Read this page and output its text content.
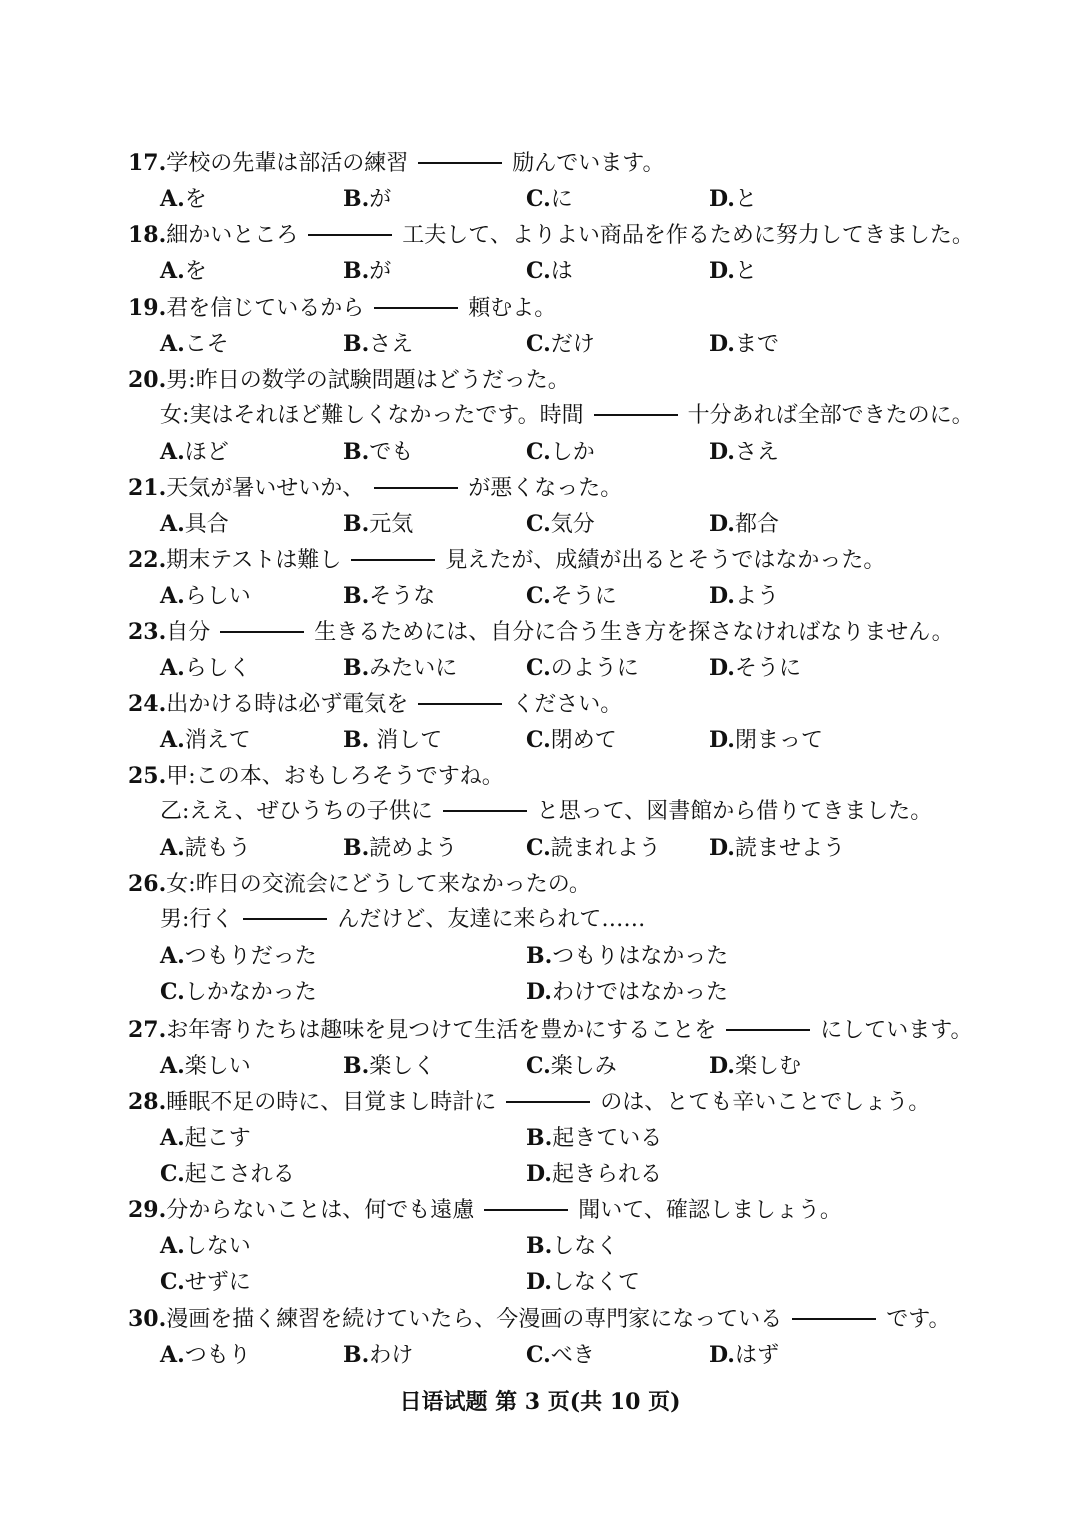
17.学校の先輩は部活の練習	励んでいます。
A.を	B.が	C.に	D.と
18.細かいところ	工夫して、よりよい商品を作るために努力してきました。
A.を	B.が	C.は	D.と
19.君を信じているから	頼むよ。
A.こそ	B.さえ	C.だけ	D.まで
20.男:昨日の数学の試験問題はどうだった。
女:実はそれほど難しくなかったです。時間	十分あれば全部できたのに。
A.ほど	B.でも	C.しか	D.さえ
21.天気が暑いせいか、	が悪くなった。
A.具合	B.元気	C.気分	D.都合
22.期末テストは難し	見えたが、成績が出るとそうではなかった。
A.らしい	B.そうな	C.そうに	D.よう
23.自分	生きるためには、自分に合う生き方を探さなければなりません。
A.らしく	B.みたいに	C.のように	D.そうに
24.出かける時は必ず電気を	ください。
A.消えて	B. 消して	C.閉めて	D.閉まって
25.甲:この本、おもしろそうですね。
乙:ええ、ぜひうちの子供に	と思って、図書館から借りてきました。
A.読もう	B.読めよう	C.読まれよう D.読ませよう
26.女:昨日の交流会にどうして来なかったの。
男:行く	んだけど、友達に来られて……
A.つもりだった	B.つもりはなかった
C.しかなかった	D.わけではなかった
27.お年寄りたちは趣味を見つけて生活を豊かにすることを	にしています。
A.楽しい	B.楽しく	C.楽しみ	D.楽しむ
28.睡眠不足の時に、目覚まし時計に	のは、とても辛いことでしょう。
A.起こす	B.起きている
C.起こされる	D.起きられる
29.分からないことは、何でも遠慮	聞いて、確認しましょう。
A.しない	B.しなく
C.せずに	D.しなくて
30.漫画を描く練習を続けていたら、今漫画の専門家になっている	です。
A.つもり	B.わけ	C.べき	D.はず
日语试题 第 3 页(共 10 页)
